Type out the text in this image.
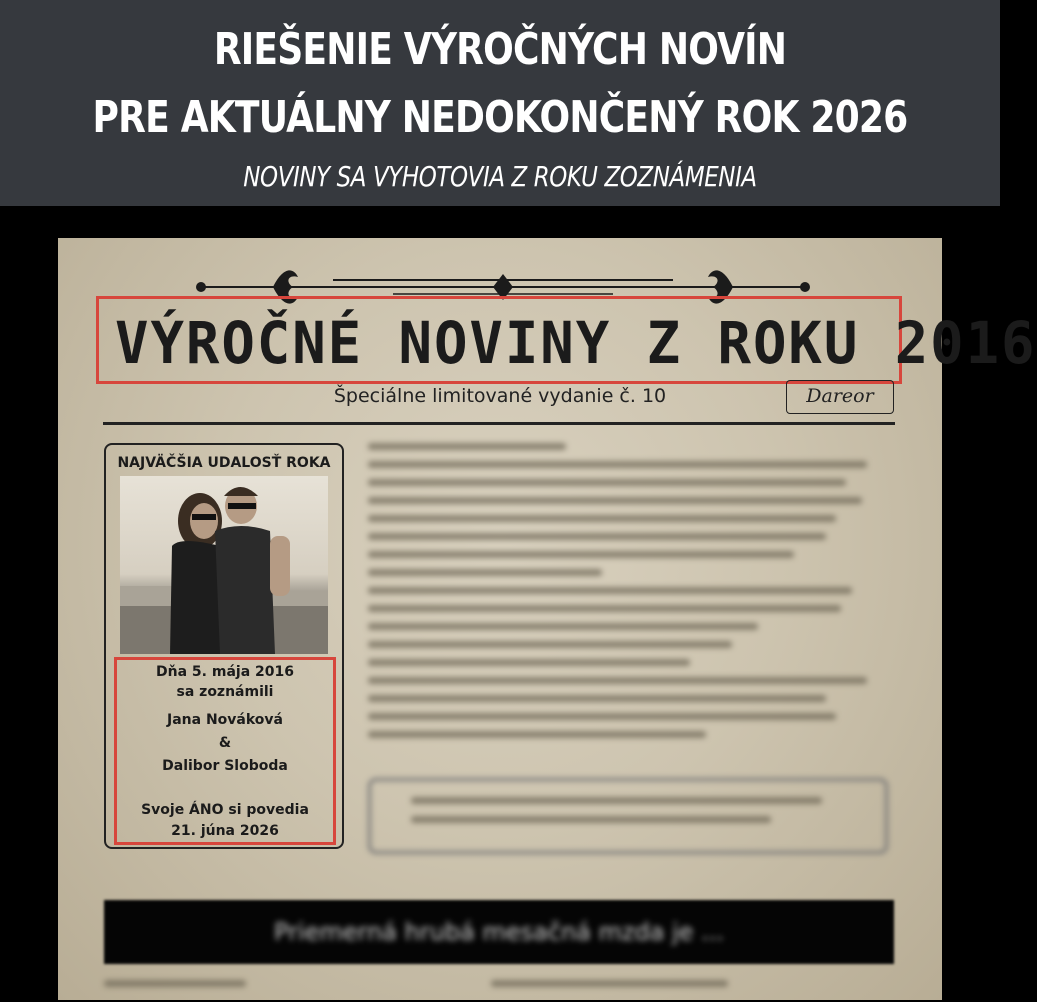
RIEŠENIE VÝROČNÝCH NOVÍN
PRE AKTUÁLNY NEDOKONČENÝ ROK 2026
NOVINY SA VYHOTOVIA Z ROKU ZOZNÁMENIA
VÝROČNÉ NOVINY Z ROKU 2016
Špeciálne limitované vydanie č. 10	Dareor
NAJVÄČŠIA UDALOSŤ ROKA
Dňa 5. mája 2016
sa zoznámili
Jana Nováková
&
Dalibor Sloboda
Svoje ÁNO si povedia
21. júna 2026
Priemerná hrubá mesačná mzda je ...
